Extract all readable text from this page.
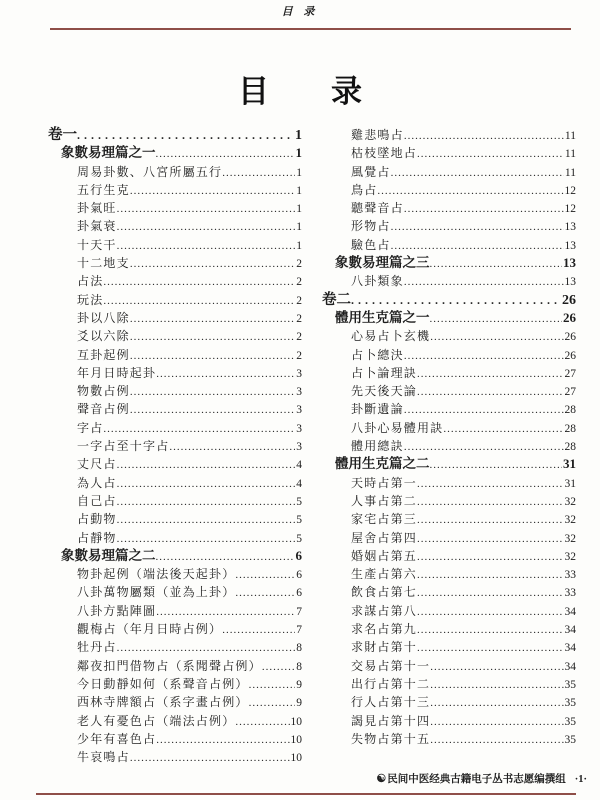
目 录
目　　录
卷一 .....	1
象數易理篇之一 .....	1
周易卦數、八宮所屬五行 .....	1
五行生克 .....	1
卦氣旺 .....	1
卦氣衰 .....	1
十天干 .....	1
十二地支 .....	2
占法 .....	2
玩法 .....	2
卦以八除 .....	2
爻以六除 .....	2
互卦起例 .....	2
年月日時起卦 .....	3
物數占例 .....	3
聲音占例 .....	3
字占 .....	3
一字占至十字占 .....	3
丈尺占 .....	4
為人占 .....	4
自己占 .....	5
占動物 .....	5
占靜物 .....	5
象數易理篇之二 .....	6
物卦起例（端法後天起卦） .....	6
八卦萬物屬類（並為上卦） .....	6
八卦方點陣圖 .....	7
觀梅占（年月日時占例） .....	7
牡丹占 .....	8
鄰夜扣門借物占（系聞聲占例） .....	8
今日動靜如何（系聲音占例） .....	9
西林寺牌額占（系字畫占例） .....	9
老人有憂色占（端法占例） .....	10
少年有喜色占 .....	10
牛哀鳴占 .....	10
雞悲鳴占 .....	11
枯枝墜地占 .....	11
風覺占 .....	11
鳥占 .....	12
聽聲音占 .....	12
形物占 .....	13
驗色占 .....	13
象數易理篇之三 .....	13
八卦類象 .....	13
卷二 .....	26
體用生克篇之一 .....	26
心易占卜玄機 .....	26
占卜總決 .....	26
占卜論理訣 .....	27
先天後天論 .....	27
卦斷遺論 .....	28
八卦心易體用訣 .....	28
體用總訣 .....	28
體用生克篇之二 .....	31
天時占第一 .....	31
人事占第二 .....	32
家宅占第三 .....	32
屋舍占第四 .....	32
婚姻占第五 .....	32
生產占第六 .....	33
飲食占第七 .....	33
求謀占第八 .....	34
求名占第九 .....	34
求財占第十 .....	34
交易占第十一 .....	34
出行占第十二 .....	35
行人占第十三 .....	35
謁見占第十四 .....	35
失物占第十五 .....	35
☯民间中医经典古籍电子丛书志愿编撰组 ·1·
